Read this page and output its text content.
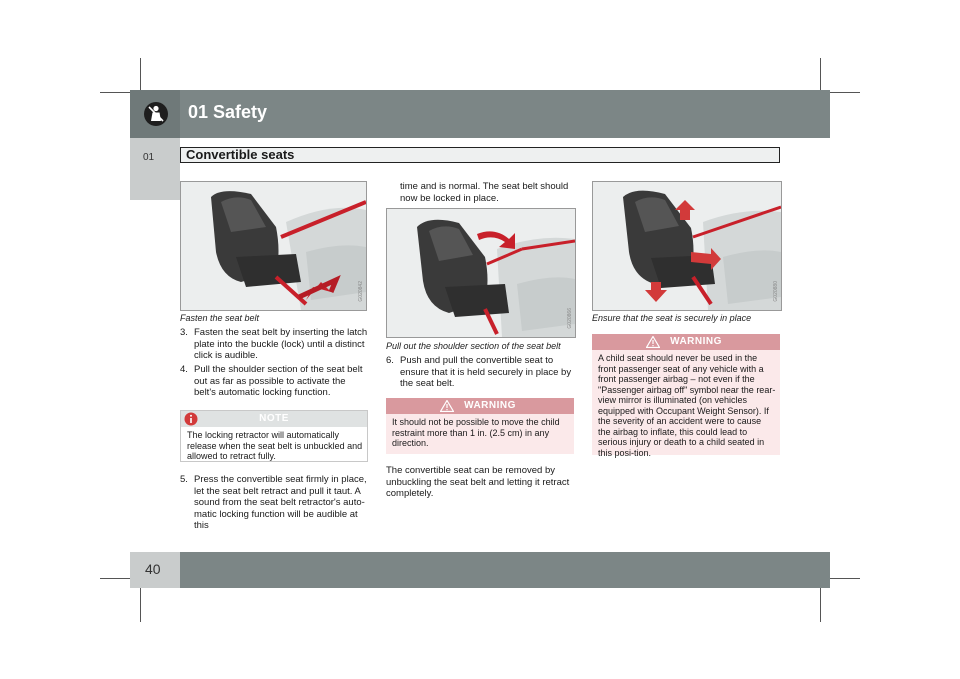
01 Safety
01 Convertible seats
G020842
Fasten the seat belt
3. Fasten the seat belt by inserting the latch plate into the buckle (lock) until a distinct click is audible.
4. Pull the shoulder section of the seat belt out as far as possible to activate the belt's automatic locking function.
NOTE
The locking retractor will automatically release when the seat belt is unbuckled and allowed to retract fully.
5. Press the convertible seat firmly in place, let the seat belt retract and pull it taut. A sound from the seat belt retractor's auto-matic locking function will be audible at this
time and is normal. The seat belt should now be locked in place.
G020866
Pull out the shoulder section of the seat belt
6. Push and pull the convertible seat to ensure that it is held securely in place by the seat belt.
WARNING
It should not be possible to move the child restraint more than 1 in. (2.5 cm) in any direction.
The convertible seat can be removed by unbuckling the seat belt and letting it retract completely.
G020880
Ensure that the seat is securely in place
WARNING
A child seat should never be used in the front passenger seat of any vehicle with a front passenger airbag – not even if the "Passenger airbag off" symbol near the rear-view mirror is illuminated (on vehicles equipped with Occupant Weight Sensor). If the severity of an accident were to cause the airbag to inflate, this could lead to serious injury or death to a child seated in this posi-tion.
40
